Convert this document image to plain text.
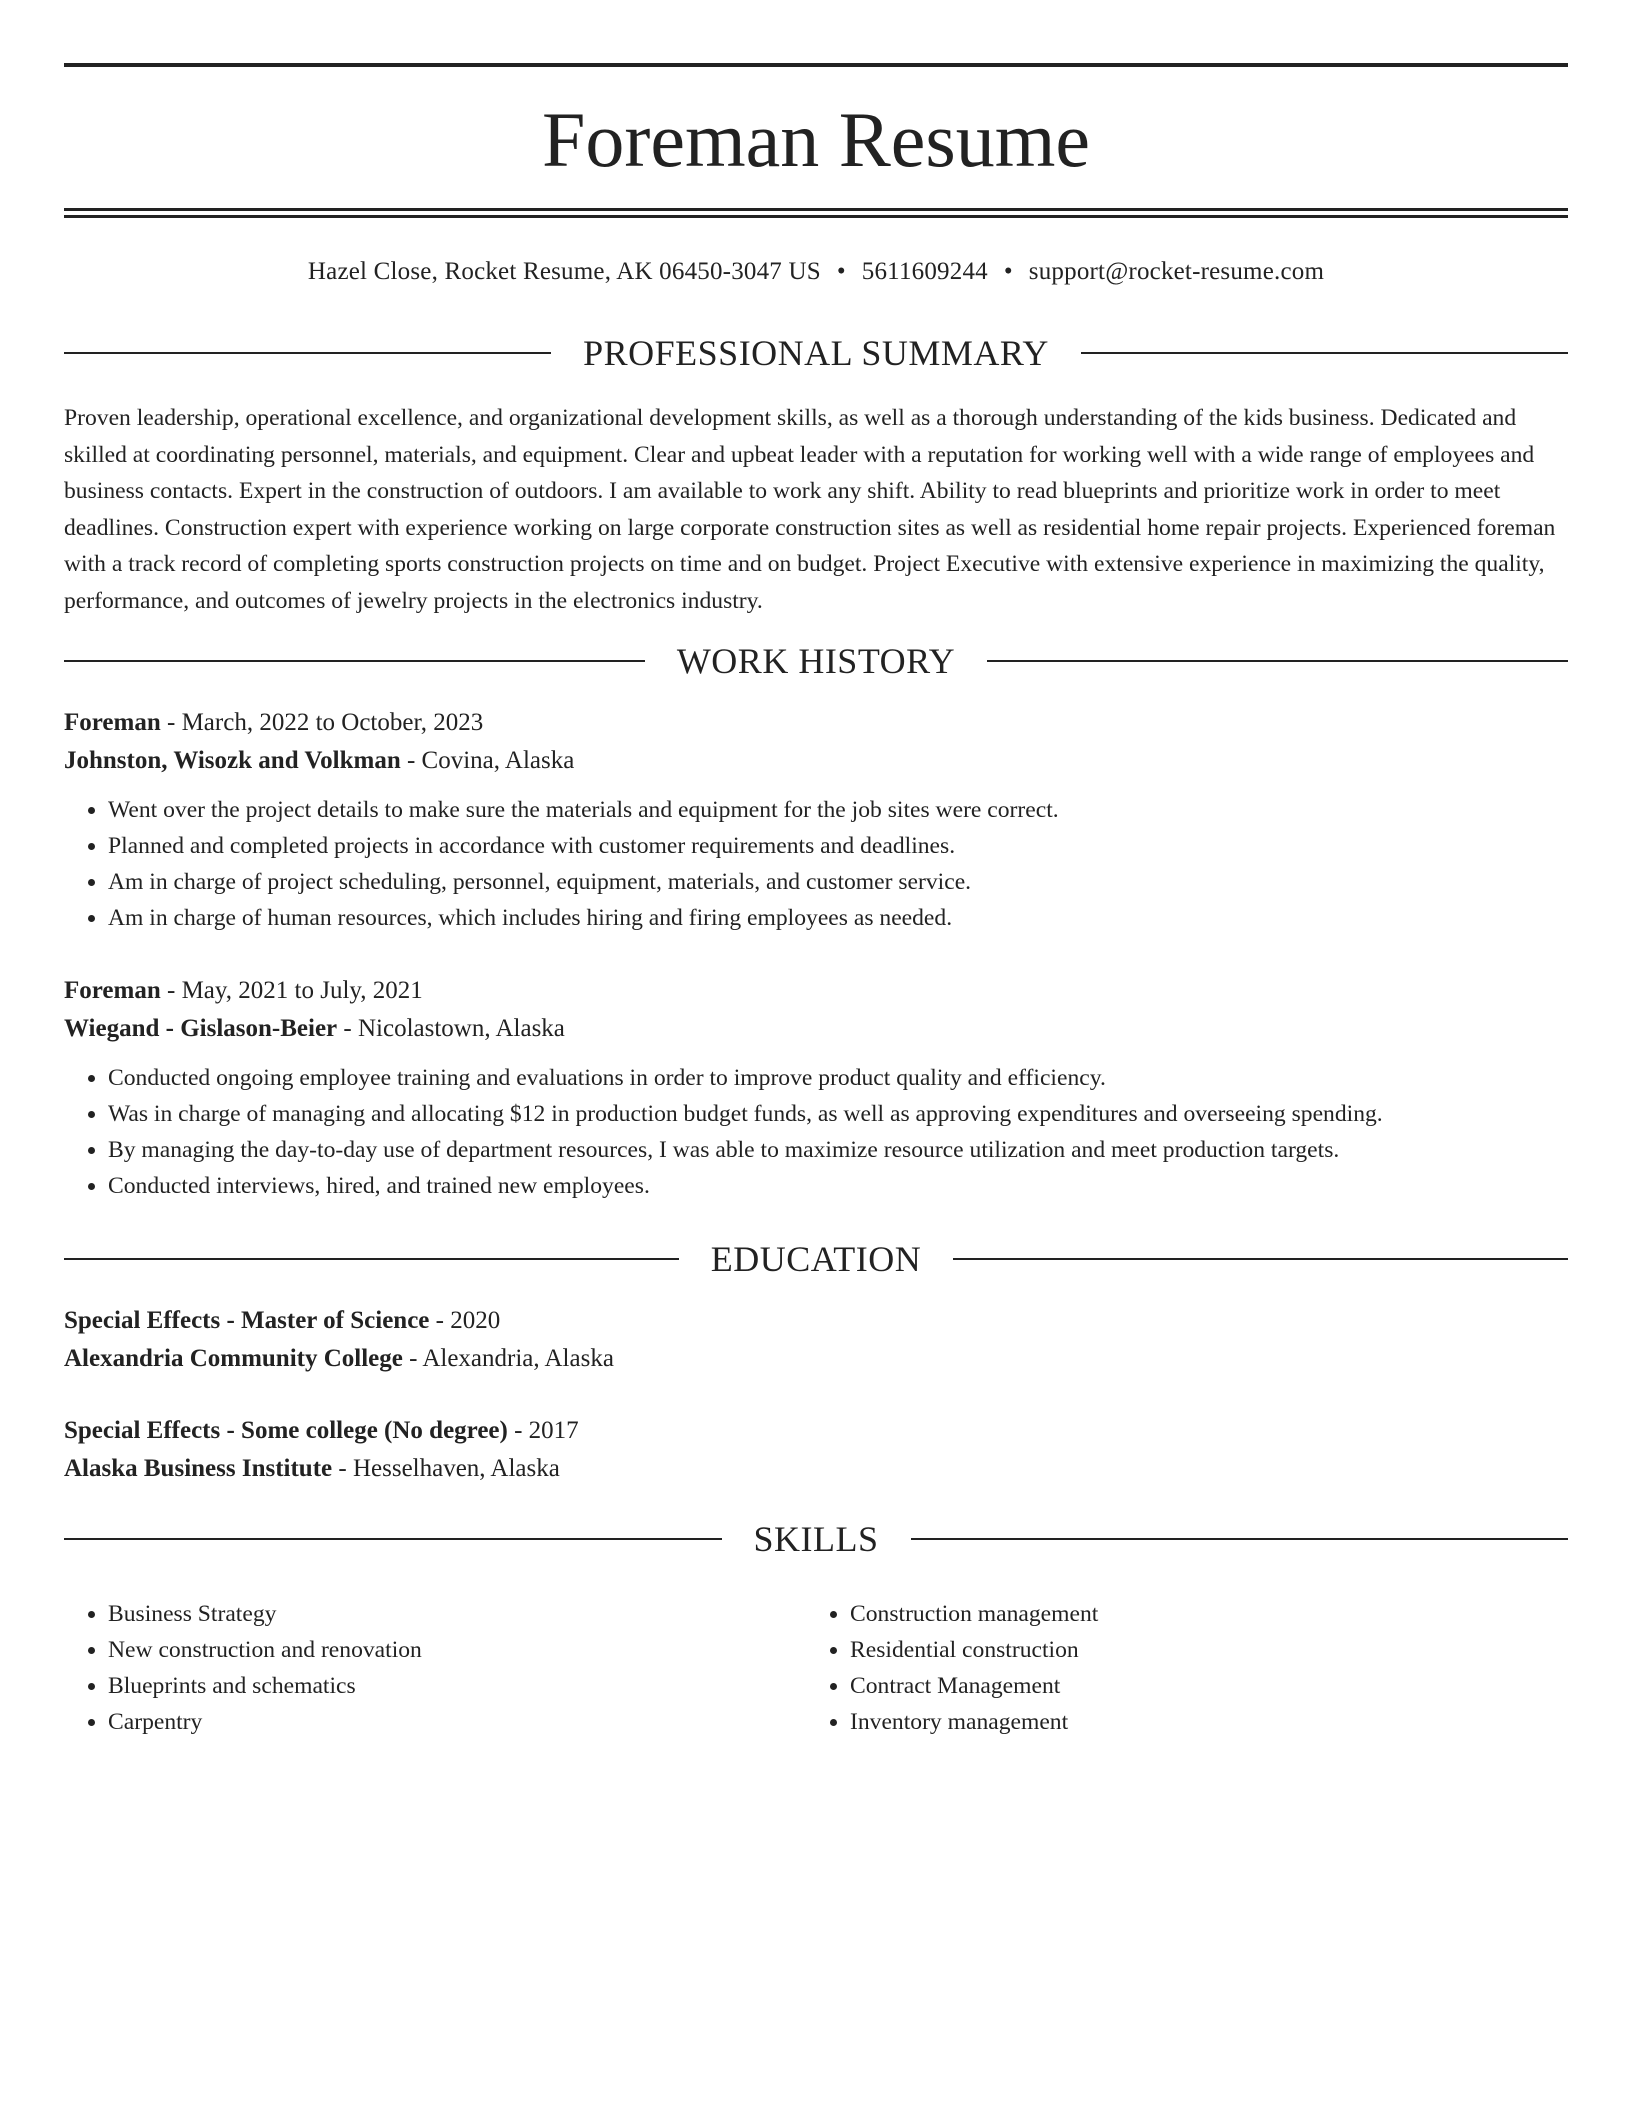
Foreman Resume
Hazel Close, Rocket Resume, AK 06450-3047 US • 5611609244 • support@rocket-resume.com
PROFESSIONAL SUMMARY

Proven leadership, operational excellence, and organizational development skills, as well as a thorough understanding of the kids business. Dedicated and skilled at coordinating personnel, materials, and equipment. Clear and upbeat leader with a reputation for working well with a wide range of employees and business contacts. Expert in the construction of outdoors. I am available to work any shift. Ability to read blueprints and prioritize work in order to meet deadlines. Construction expert with experience working on large corporate construction sites as well as residential home repair projects. Experienced foreman with a track record of completing sports construction projects on time and on budget. Project Executive with extensive experience in maximizing the quality, performance, and outcomes of jewelry projects in the electronics industry.

WORK HISTORY
Foreman - March, 2022 to October, 2023
Johnston, Wisozk and Volkman - Covina, Alaska
• Went over the project details to make sure the materials and equipment for the job sites were correct.
• Planned and completed projects in accordance with customer requirements and deadlines.
• Am in charge of project scheduling, personnel, equipment, materials, and customer service.
• Am in charge of human resources, which includes hiring and firing employees as needed.
Foreman - May, 2021 to July, 2021
Wiegand - Gislason-Beier - Nicolastown, Alaska
• Conducted ongoing employee training and evaluations in order to improve product quality and efficiency.
• Was in charge of managing and allocating $12 in production budget funds, as well as approving expenditures and overseeing spending.
• By managing the day-to-day use of department resources, I was able to maximize resource utilization and meet production targets.
• Conducted interviews, hired, and trained new employees.
EDUCATION
Special Effects - Master of Science - 2020
Alexandria Community College - Alexandria, Alaska
Special Effects - Some college (No degree) - 2017
Alaska Business Institute - Hesselhaven, Alaska
SKILLS
• Business Strategy
• New construction and renovation
• Blueprints and schematics
• Carpentry
• Construction management
• Residential construction
• Contract Management
• Inventory management
